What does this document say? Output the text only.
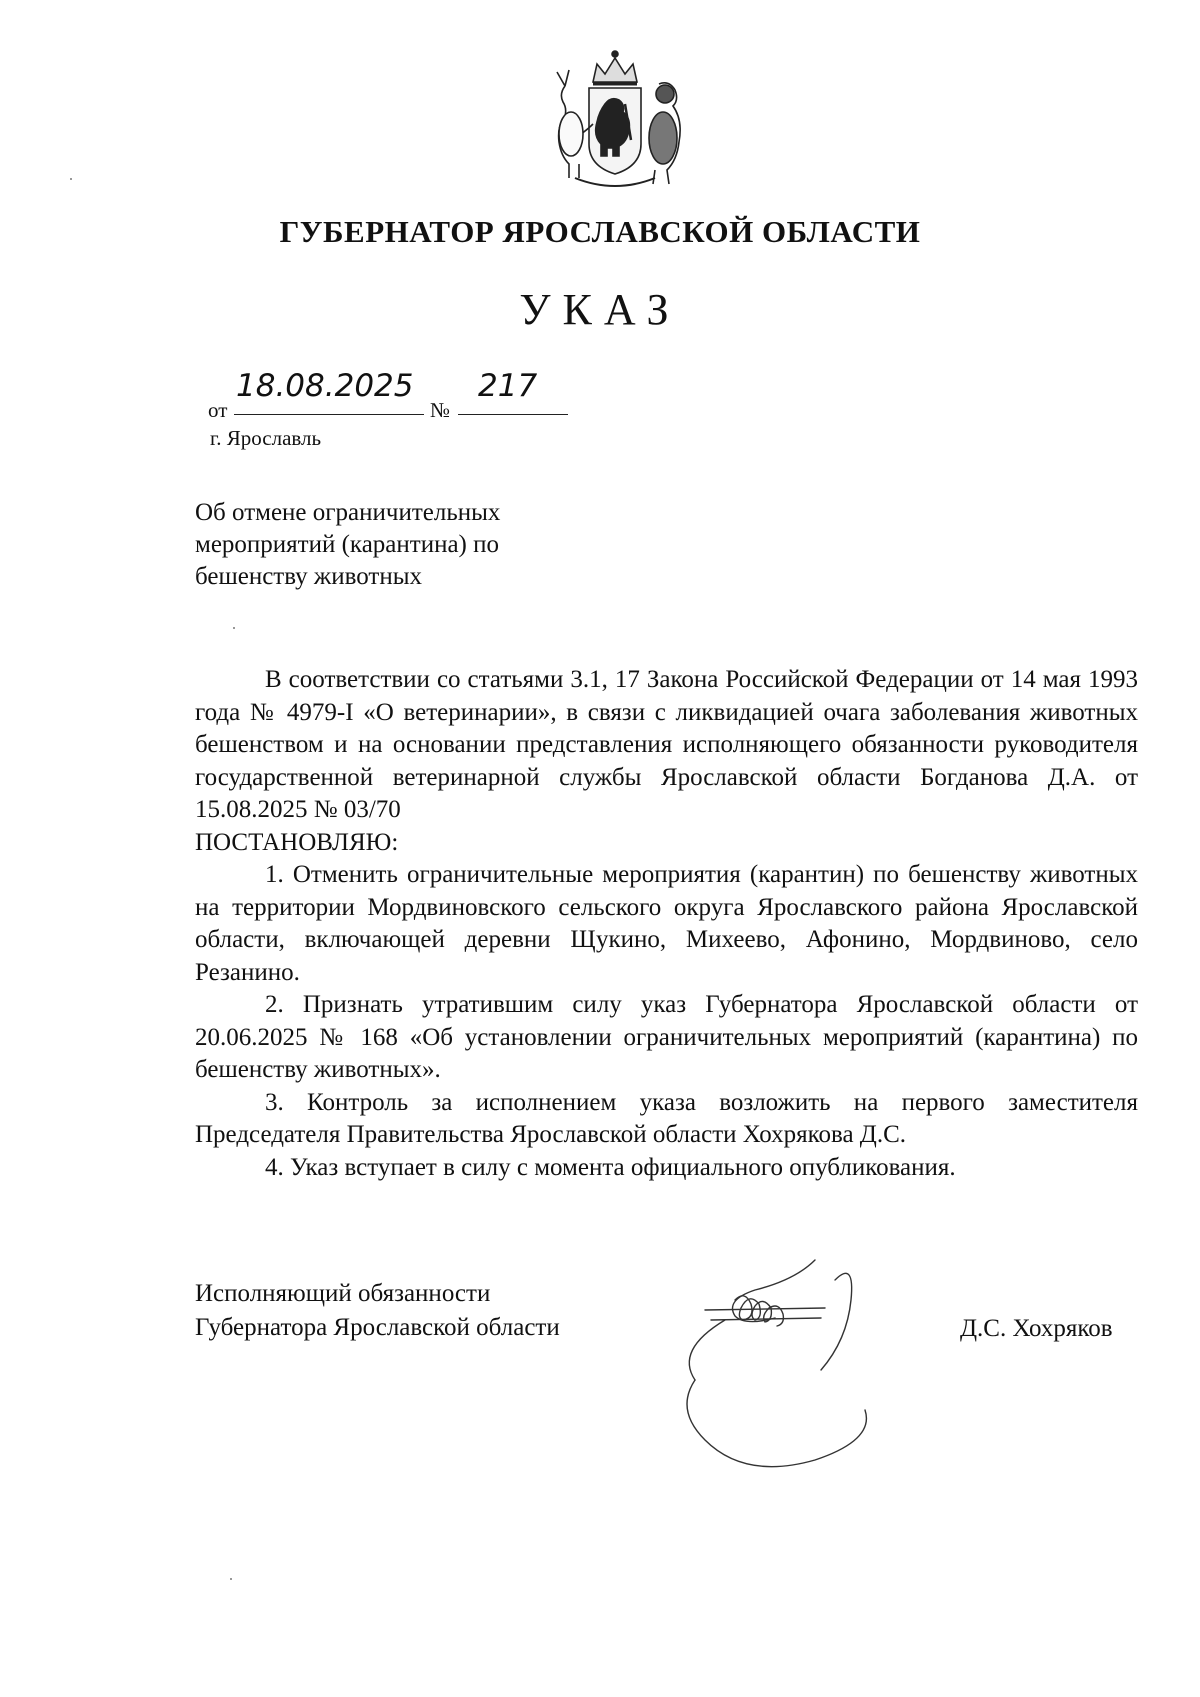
ГУБЕРНАТОР ЯРОСЛАВСКОЙ ОБЛАСТИ
УКАЗ
от
18.08.2025
№
217
г. Ярославль
Об отмене ограничительных
мероприятий (карантина) по
бешенству животных

В соответствии со статьями 3.1, 17 Закона Российской Федерации от 14 мая 1993 года № 4979-I «О ветеринарии», в связи с ликвидацией очага заболевания животных бешенством и на основании представления исполняющего обязанности руководителя государственной ветеринарной службы Ярославской области Богданова Д.А. от 15.08.2025 № 03/70

ПОСТАНОВЛЯЮ:

1. Отменить ограничительные мероприятия (карантин) по бешенству животных на территории Мордвиновского сельского округа Ярославского района Ярославской области, включающей деревни Щукино, Михеево, Афонино, Мордвиново, село Резанино.

2. Признать утратившим силу указ Губернатора Ярославской области от 20.06.2025 № 168 «Об установлении ограничительных мероприятий (карантина) по бешенству животных».

3. Контроль за исполнением указа возложить на первого заместителя Председателя Правительства Ярославской области Хохрякова Д.С.

4. Указ вступает в силу с момента официального опубликования.

Исполняющий обязанности
Губернатора Ярославской области	Д.С. Хохряков
